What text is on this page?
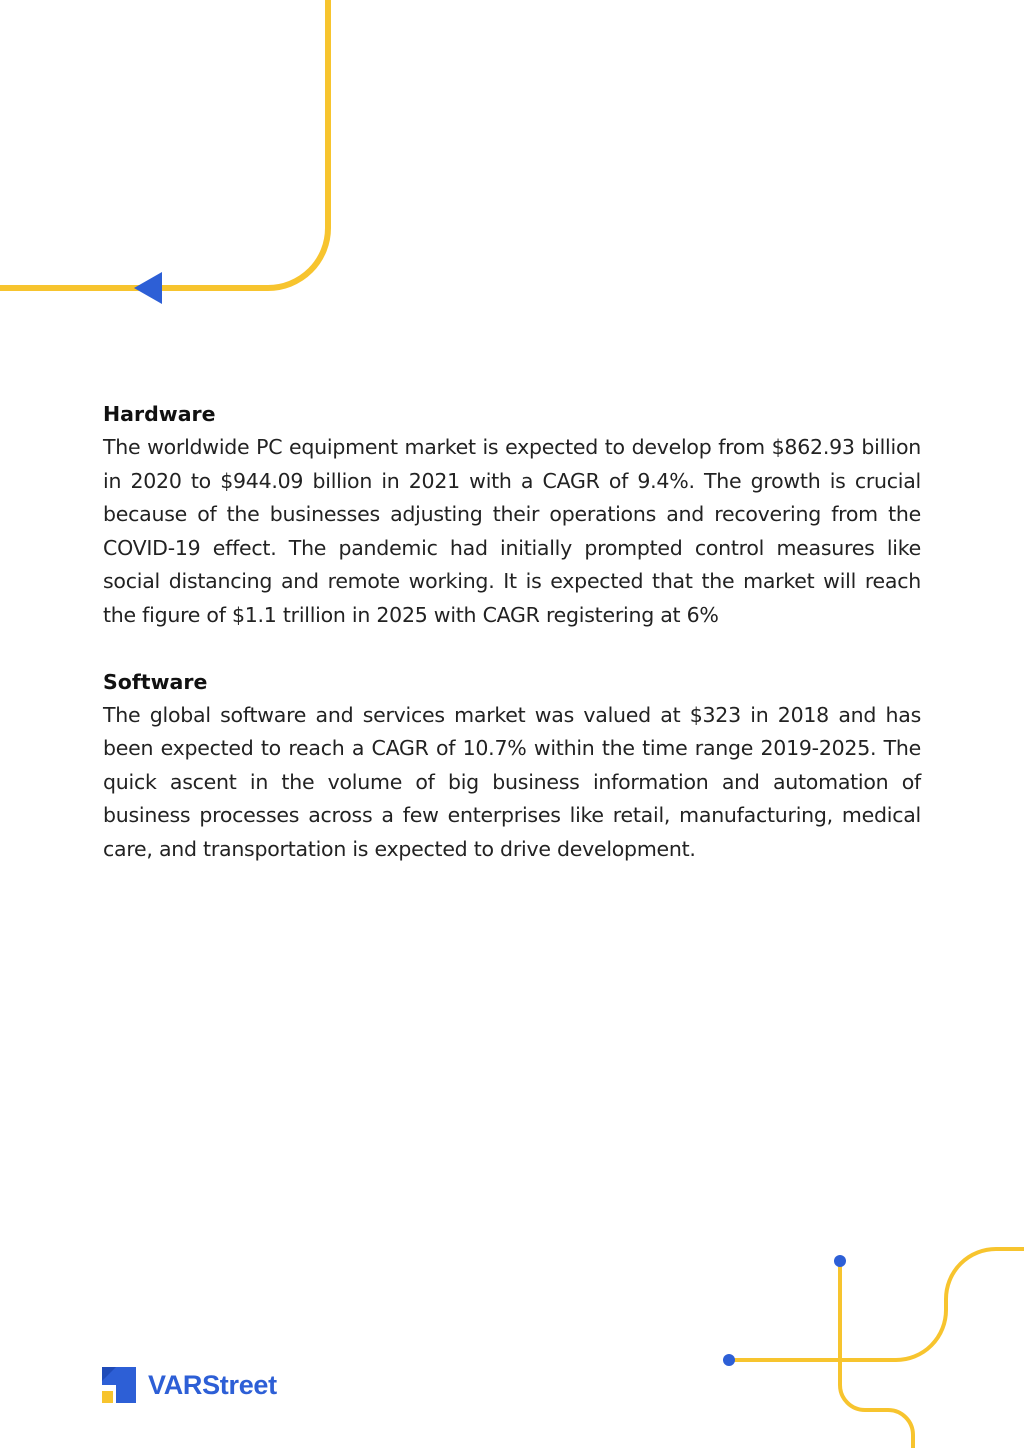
Hardware

The worldwide PC equipment market is expected to develop from $862.93 billion in 2020 to $944.09 billion in 2021 with a CAGR of 9.4%. The growth is crucial because of the businesses adjusting their operations and recovering from the COVID-19 effect. The pandemic had initially prompted control measures like social distancing and remote working. It is expected that the market will reach the figure of $1.1 trillion in 2025 with CAGR registering at 6%

Software

The global software and services market was valued at $323 in 2018 and has been expected to reach a CAGR of 10.7% within the time range 2019-2025. The quick ascent in the volume of big business information and automation of business processes across a few enterprises like retail, manufacturing, medical care, and transportation is expected to drive development.

VARStreet
